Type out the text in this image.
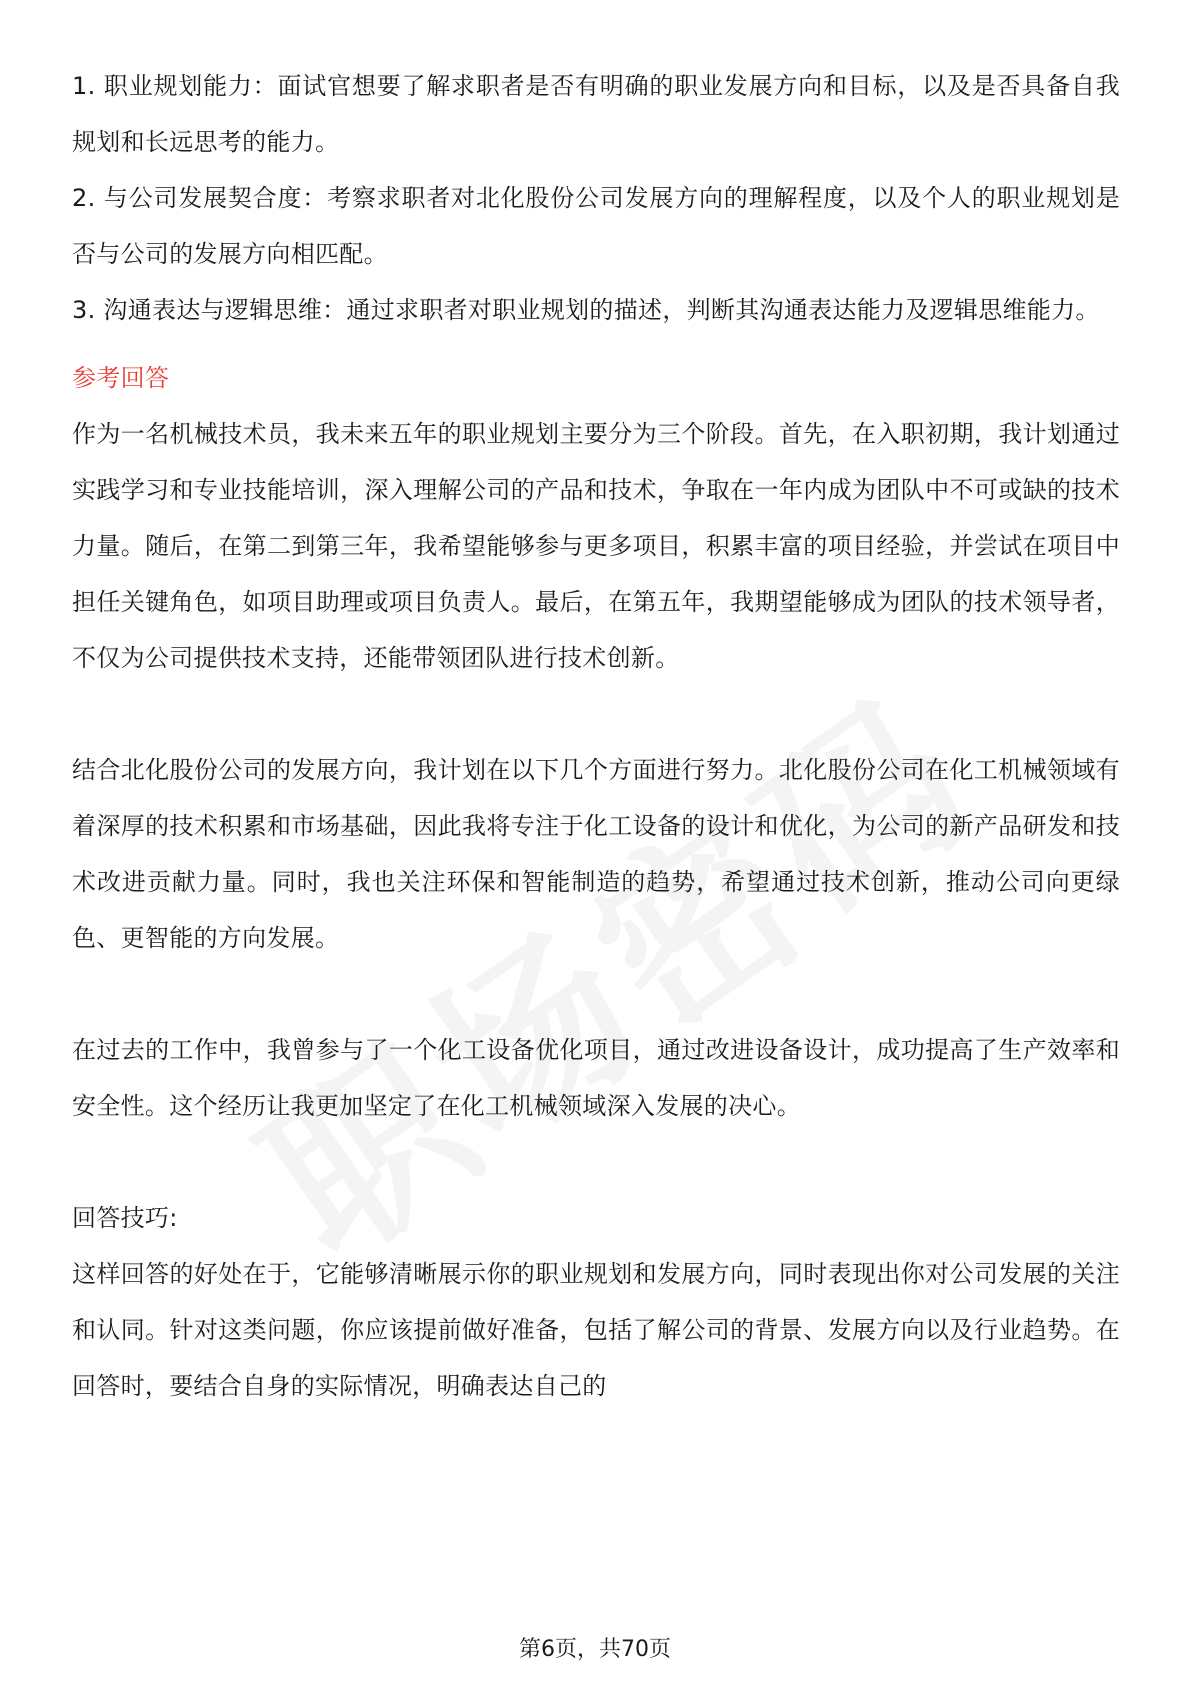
1. 职业规划能力：面试官想要了解求职者是否有明确的职业发展方向和目标，以及是否具备自我规划和长远思考的能力。

2. 与公司发展契合度：考察求职者对北化股份公司发展方向的理解程度，以及个人的职业规划是否与公司的发展方向相匹配。

3. 沟通表达与逻辑思维：通过求职者对职业规划的描述，判断其沟通表达能力及逻辑思维能力。

参考回答

作为一名机械技术员，我未来五年的职业规划主要分为三个阶段。首先，在入职初期，我计划通过实践学习和专业技能培训，深入理解公司的产品和技术，争取在一年内成为团队中不可或缺的技术力量。随后，在第二到第三年，我希望能够参与更多项目，积累丰富的项目经验，并尝试在项目中担任关键角色，如项目助理或项目负责人。最后，在第五年，我期望能够成为团队的技术领导者，不仅为公司提供技术支持，还能带领团队进行技术创新。

结合北化股份公司的发展方向，我计划在以下几个方面进行努力。北化股份公司在化工机械领域有着深厚的技术积累和市场基础，因此我将专注于化工设备的设计和优化，为公司的新产品研发和技术改进贡献力量。同时，我也关注环保和智能制造的趋势，希望通过技术创新，推动公司向更绿色、更智能的方向发展。

在过去的工作中，我曾参与了一个化工设备优化项目，通过改进设备设计，成功提高了生产效率和安全性。这个经历让我更加坚定了在化工机械领域深入发展的决心。

回答技巧:

这样回答的好处在于，它能够清晰展示你的职业规划和发展方向，同时表现出你对公司发展的关注和认同。针对这类问题，你应该提前做好准备，包括了解公司的背景、发展方向以及行业趋势。在回答时，要结合自身的实际情况，明确表达自己的

第6页，共70页
